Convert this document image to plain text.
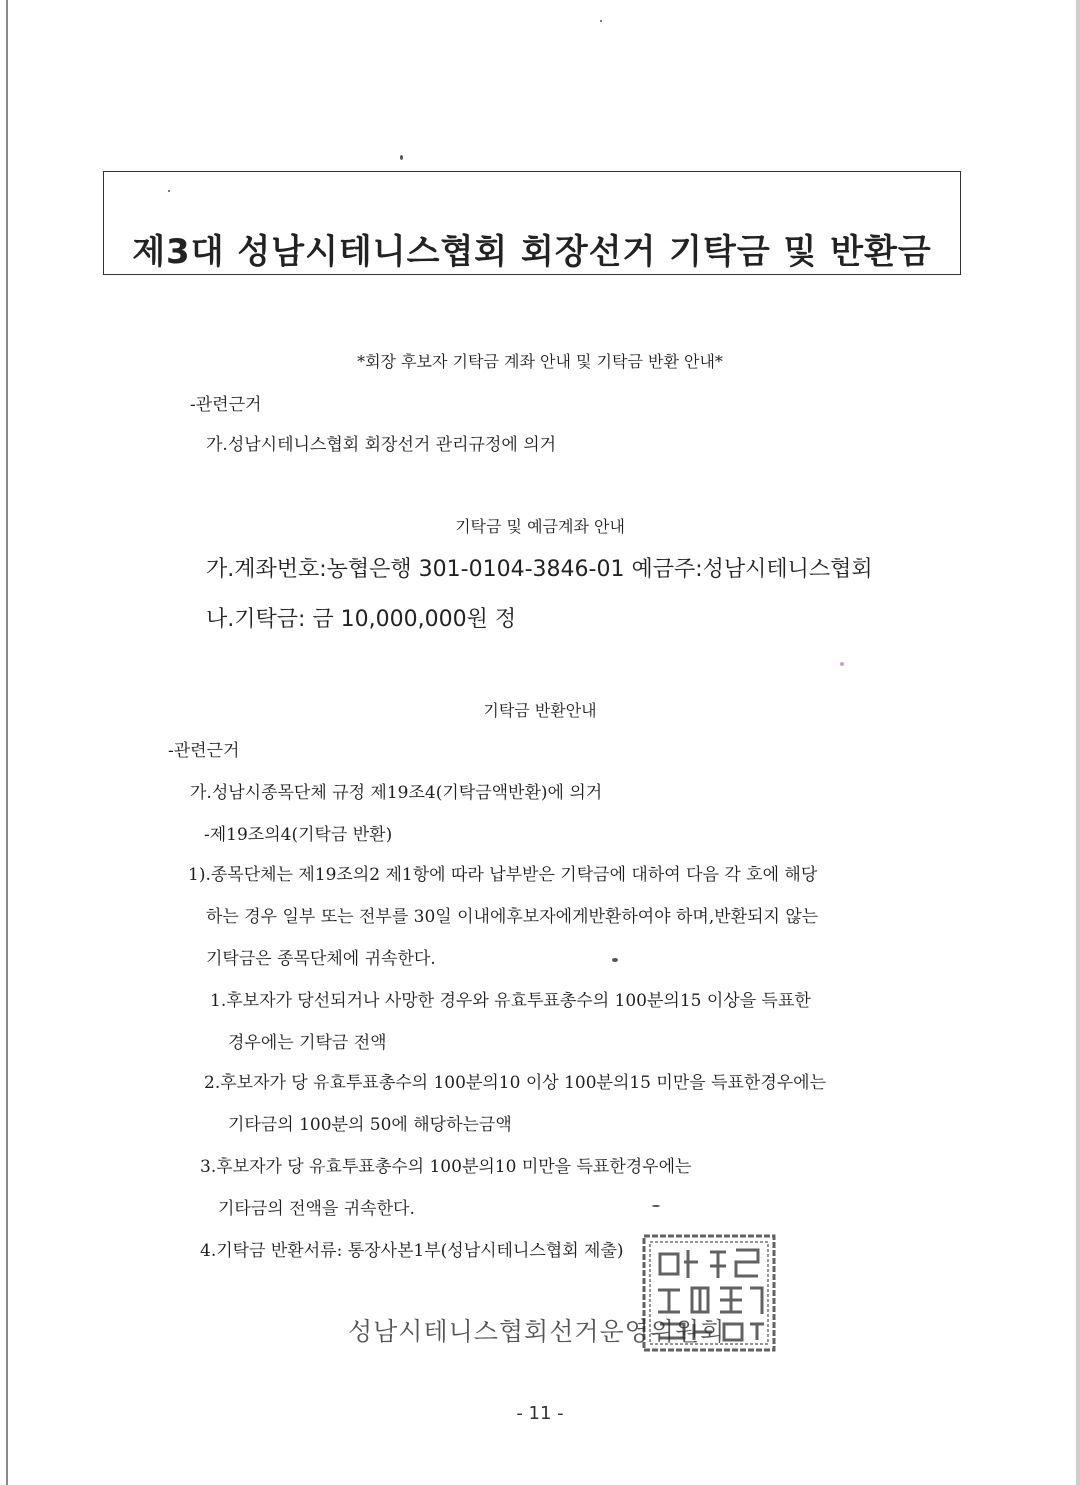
제3대 성남시테니스협회 회장선거 기탁금 및 반환금
*회장 후보자 기탁금 계좌 안내 및 기탁금 반환 안내*
-관련근거
가.성남시테니스협회 회장선거 관리규정에 의거
기탁금 및 예금계좌 안내
가.계좌번호:농협은행 301-0104-3846-01 예금주:성남시테니스협회
나.기탁금: 금 10,000,000원 정
기탁금 반환안내
-관련근거
가.성남시종목단체 규정 제19조4(기탁금액반환)에 의거
-제19조의4(기탁금 반환)
1).종목단체는 제19조의2 제1항에 따라 납부받은 기탁금에 대하여 다음 각 호에 해당
하는 경우 일부 또는 전부를 30일 이내에후보자에게반환하여야 하며,반환되지 않는
기탁금은 종목단체에 귀속한다.
1.후보자가 당선되거나 사망한 경우와 유효투표총수의 100분의15 이상을 득표한
경우에는 기탁금 전액
2.후보자가 당 유효투표총수의 100분의10 이상 100분의15 미만을 득표한경우에는
기타금의 100분의 50에 해당하는금액
3.후보자가 당 유효투표총수의 100분의10 미만을 득표한경우에는
기타금의 전액을 귀속한다.
4.기탁금 반환서류: 통장사본1부(성남시테니스협회 제출)
성남시테니스협회선거운영위원회
- 11 -
